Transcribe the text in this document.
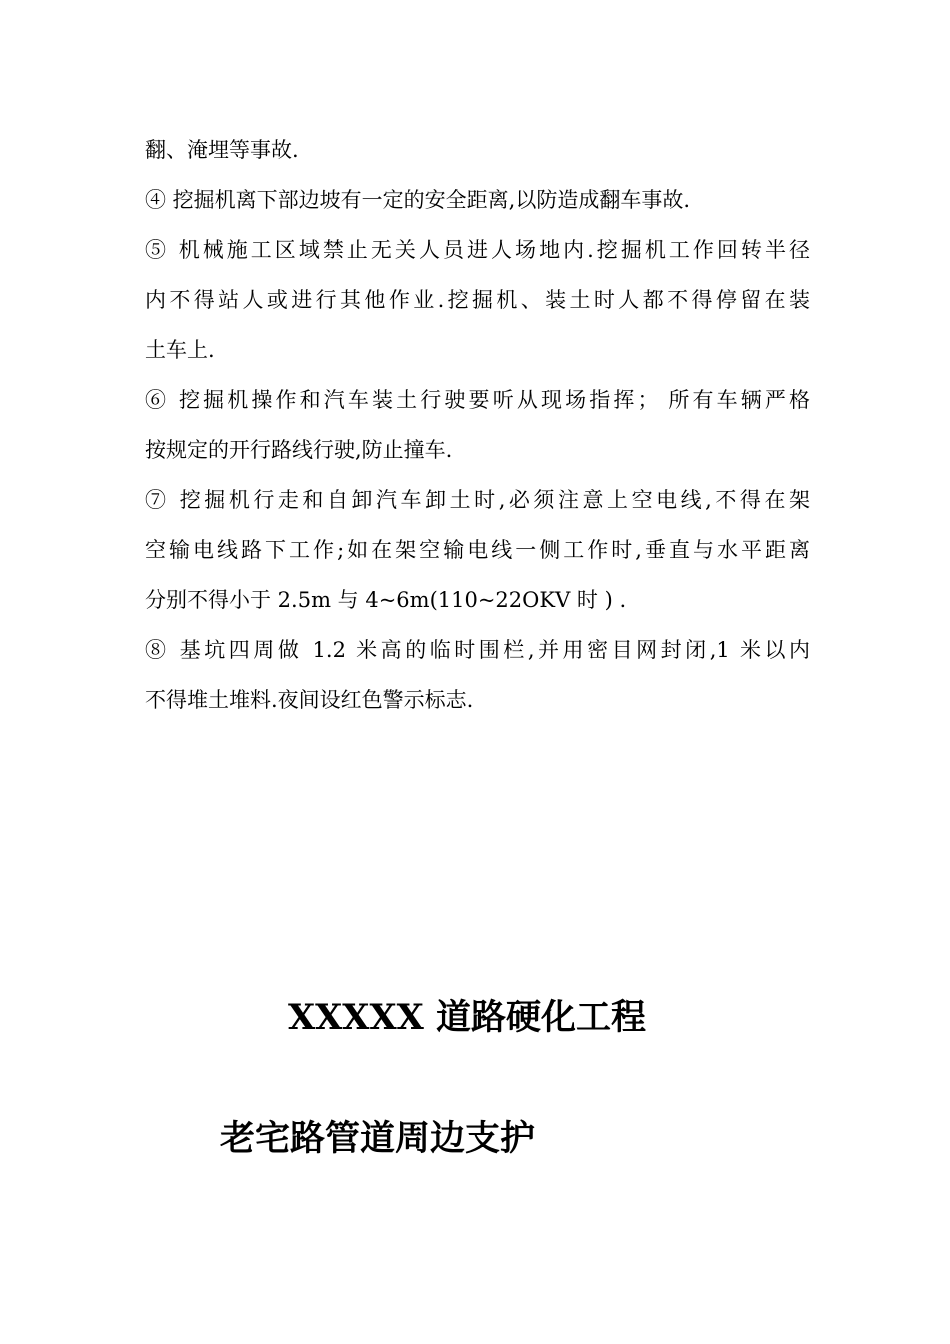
翻、淹埋等事故.
④ 挖掘机离下部边坡有一定的安全距离,以防造成翻车事故.
⑤ 机械施工区域禁止无关人员进人场地内.挖掘机工作回转半径
内不得站人或进行其他作业.挖掘机、装土时人都不得停留在装
土车上.
⑥ 挖掘机操作和汽车装土行驶要听从现场指挥； 所有车辆严格
按规定的开行路线行驶,防止撞车.
⑦ 挖掘机行走和自卸汽车卸土时,必须注意上空电线,不得在架
空输电线路下工作;如在架空输电线一侧工作时,垂直与水平距离
分别不得小于 2.5m 与 4~6m(110~22OKV 时 ) .
⑧ 基坑四周做 1.2 米高的临时围栏,并用密目网封闭,1 米以内
不得堆土堆料.夜间设红色警示标志.
XXXXX 道路硬化工程
老宅路管道周边支护
